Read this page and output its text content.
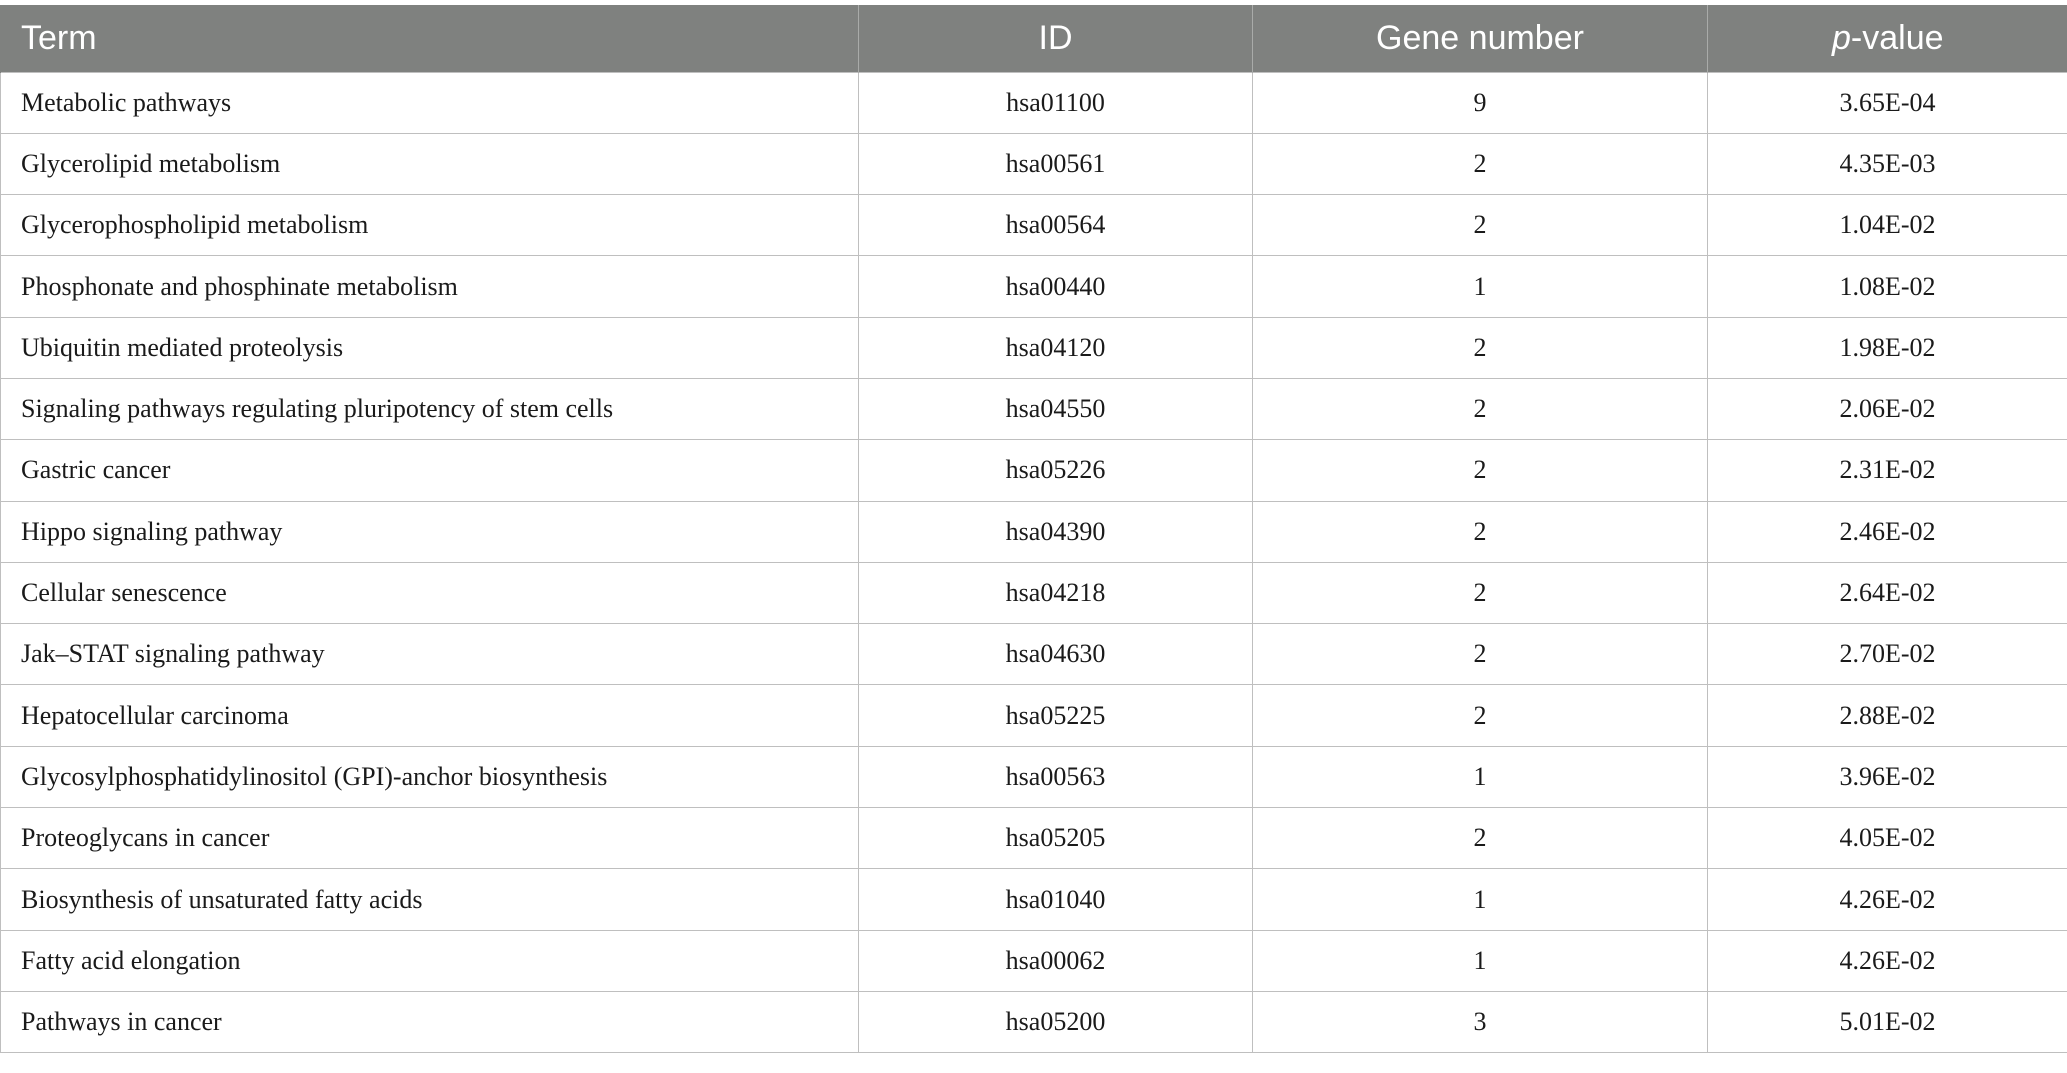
Term	ID	Gene number	p-value
Metabolic pathways	hsa01100	9	3.65E-04
Glycerolipid metabolism	hsa00561	2	4.35E-03
Glycerophospholipid metabolism	hsa00564	2	1.04E-02
Phosphonate and phosphinate metabolism	hsa00440	1	1.08E-02
Ubiquitin mediated proteolysis	hsa04120	2	1.98E-02
Signaling pathways regulating pluripotency of stem cells	hsa04550	2	2.06E-02
Gastric cancer	hsa05226	2	2.31E-02
Hippo signaling pathway	hsa04390	2	2.46E-02
Cellular senescence	hsa04218	2	2.64E-02
Jak–STAT signaling pathway	hsa04630	2	2.70E-02
Hepatocellular carcinoma	hsa05225	2	2.88E-02
Glycosylphosphatidylinositol (GPI)-anchor biosynthesis	hsa00563	1	3.96E-02
Proteoglycans in cancer	hsa05205	2	4.05E-02
Biosynthesis of unsaturated fatty acids	hsa01040	1	4.26E-02
Fatty acid elongation	hsa00062	1	4.26E-02
Pathways in cancer	hsa05200	3	5.01E-02
